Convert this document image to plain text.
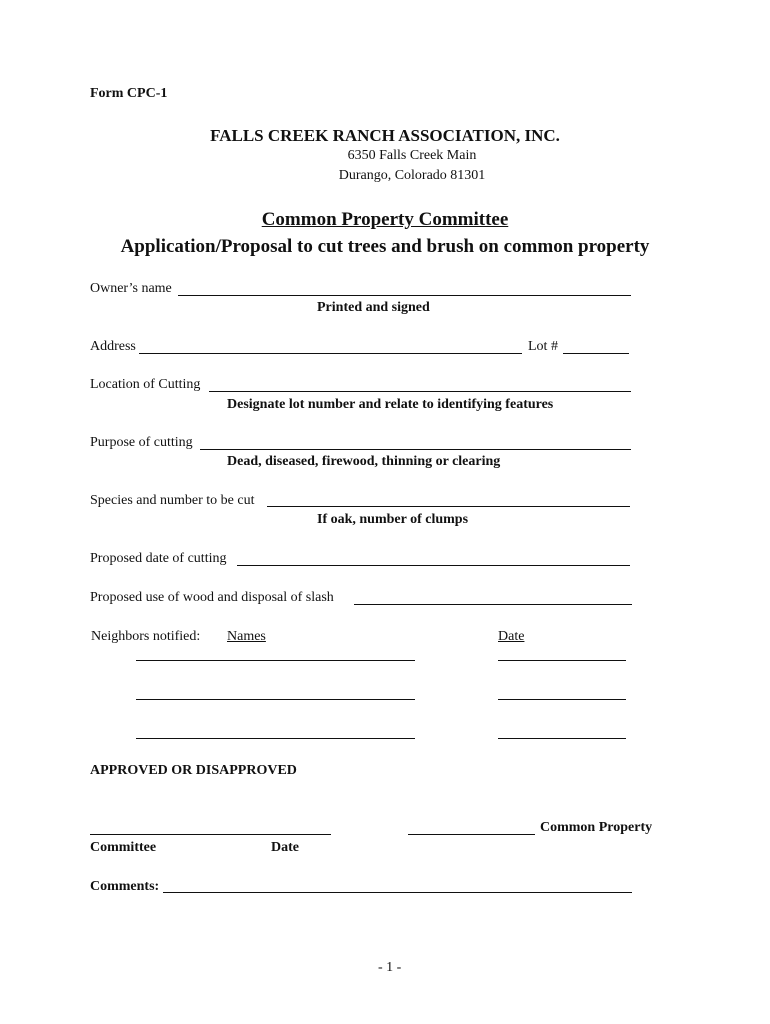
Form CPC-1
FALLS CREEK RANCH ASSOCIATION, INC.
6350 Falls Creek Main
Durango, Colorado 81301
Common Property Committee
Application/Proposal to cut trees and brush on common property
Owner’s name
Printed and signed
Address	Lot #
Location of Cutting
Designate lot number and relate to identifying features
Purpose of cutting
Dead, diseased, firewood, thinning or clearing
Species and number to be cut
If oak, number of clumps
Proposed date of cutting
Proposed use of wood and disposal of slash
Neighbors notified: Names	Date
APPROVED OR DISAPPROVED
Common Property
Committee	Date
Comments:
- 1 -
